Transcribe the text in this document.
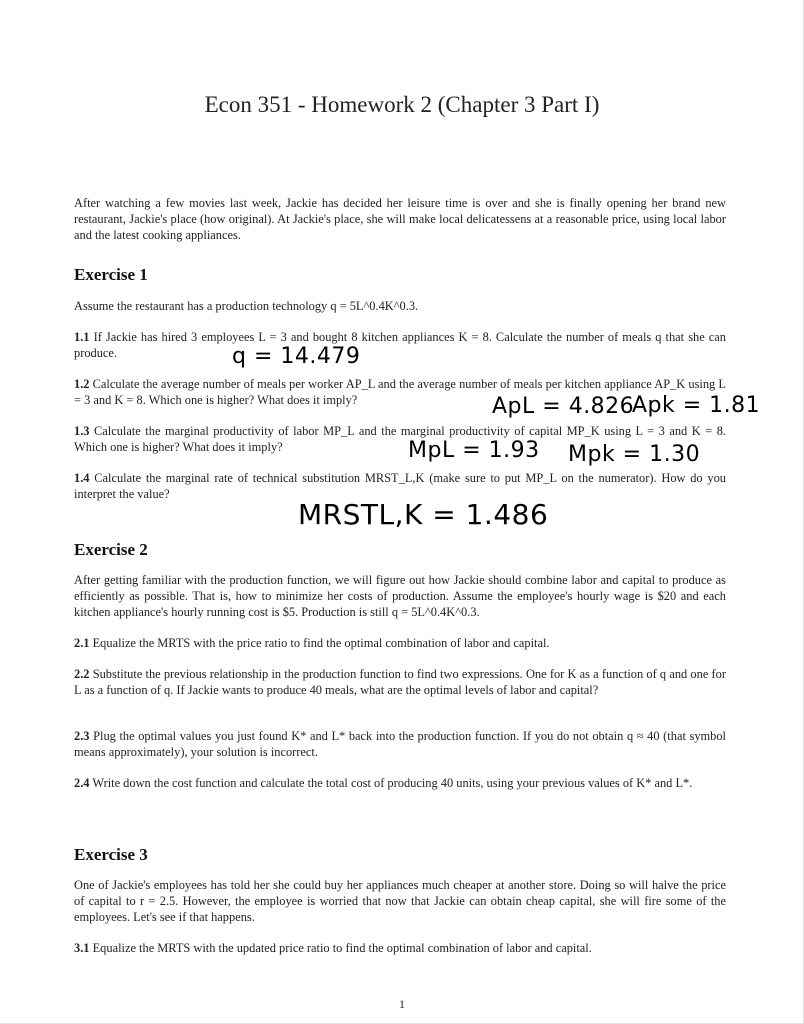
Econ 351 - Homework 2 (Chapter 3 Part I)
After watching a few movies last week, Jackie has decided her leisure time is over and she is finally opening her brand new restaurant, Jackie's place (how original). At Jackie's place, she will make local delicatessens at a reasonable price, using local labor and the latest cooking appliances.
Exercise 1
Assume the restaurant has a production technology q = 5L^0.4K^0.3.
1.1 If Jackie has hired 3 employees L = 3 and bought 8 kitchen appliances K = 8. Calculate the number of meals q that she can produce.	q = 14.479
1.2 Calculate the average number of meals per worker AP_L and the average number of meals per kitchen appliance AP_K using L = 3 and K = 8. Which one is higher? What does it imply?	ApL = 4.826
Apk = 1.81
1.3 Calculate the marginal productivity of labor MP_L and the marginal productivity of capital MP_K using L = 3 and K = 8. Which one is higher? What does it imply?	MpL = 1.93 Mpk = 1.30
1.4 Calculate the marginal rate of technical substitution MRST_L,K (make sure to put MP_L on the numerator). How do you interpret the value?
MRSTL,K = 1.486
Exercise 2
After getting familiar with the production function, we will figure out how Jackie should combine labor and capital to produce as efficiently as possible. That is, how to minimize her costs of production. Assume the employee's hourly wage is $20 and each kitchen appliance's hourly running cost is $5. Production is still q = 5L^0.4K^0.3.
2.1 Equalize the MRTS with the price ratio to find the optimal combination of labor and capital.
2.2 Substitute the previous relationship in the production function to find two expressions. One for K as a function of q and one for L as a function of q. If Jackie wants to produce 40 meals, what are the optimal levels of labor and capital?
2.3 Plug the optimal values you just found K* and L* back into the production function. If you do not obtain q ≈ 40 (that symbol means approximately), your solution is incorrect.
2.4 Write down the cost function and calculate the total cost of producing 40 units, using your previous values of K* and L*.
Exercise 3
One of Jackie's employees has told her she could buy her appliances much cheaper at another store. Doing so will halve the price of capital to r = 2.5. However, the employee is worried that now that Jackie can obtain cheap capital, she will fire some of the employees. Let's see if that happens.
3.1 Equalize the MRTS with the updated price ratio to find the optimal combination of labor and capital.
1
